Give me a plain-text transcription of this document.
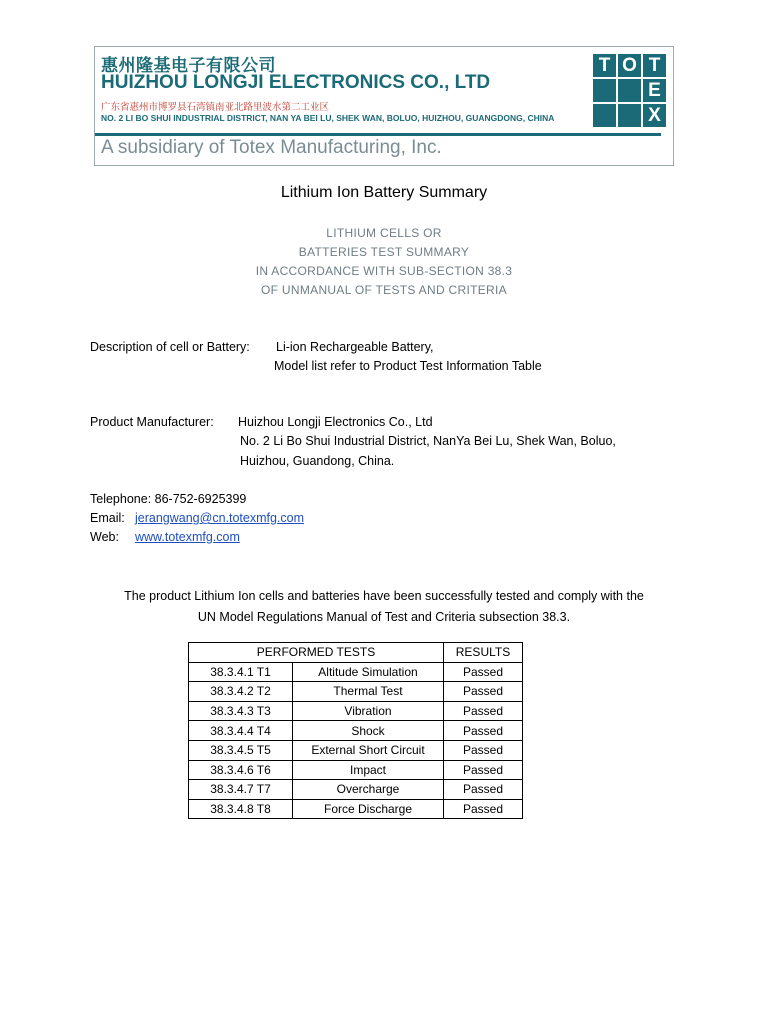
惠州隆基电子有限公司
HUIZHOU LONGJI ELECTRONICS CO., LTD
广东省惠州市博罗县石湾镇南亚北路里波水第二工业区
NO. 2 LI BO SHUI INDUSTRIAL DISTRICT, NAN YA BEI LU, SHEK WAN, BOLUO, HUIZHOU, GUANGDONG, CHINA
A subsidiary of Totex Manufacturing, Inc.
T O T
E
X
Lithium Ion Battery Summary
LITHIUM CELLS OR
BATTERIES TEST SUMMARY
IN ACCORDANCE WITH SUB-SECTION 38.3
OF UNMANUAL OF TESTS AND CRITERIA
Description of cell or Battery: Li-ion Rechargeable Battery,
Model list refer to Product Test Information Table
Product Manufacturer: Huizhou Longji Electronics Co., Ltd
No. 2 Li Bo Shui Industrial District, NanYa Bei Lu, Shek Wan, Boluo,
Huizhou, Guandong, China.
Telephone: 86-752-6925399
Email: jerangwang@cn.totexmfg.com
Web: www.totexmfg.com
The product Lithium Ion cells and batteries have been successfully tested and comply with the
UN Model Regulations Manual of Test and Criteria subsection 38.3.
PERFORMED TESTS		RESULTS
38.3.4.1 T1	Altitude Simulation	Passed
38.3.4.2 T2	Thermal Test	Passed
38.3.4.3 T3	Vibration	Passed
38.3.4.4 T4	Shock	Passed
38.3.4.5 T5	External Short Circuit	Passed
38.3.4.6 T6	Impact	Passed
38.3.4.7 T7	Overcharge	Passed
38.3.4.8 T8	Force Discharge	Passed
